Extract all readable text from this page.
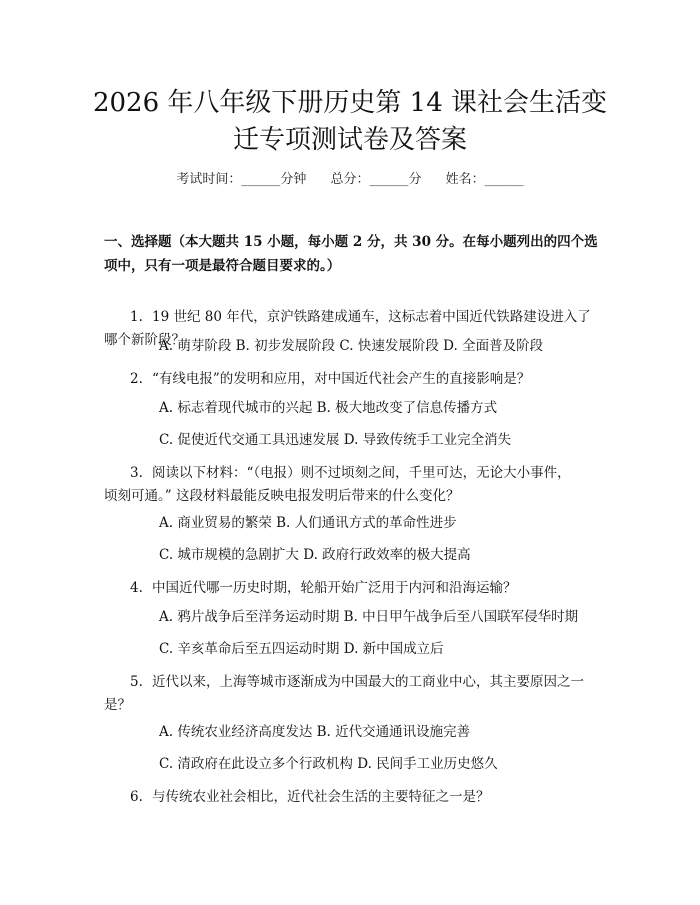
2026 年八年级下册历史第 14 课社会生活变
迁专项测试卷及答案
考试时间：______分钟 总分：______分 姓名：______
一、选择题（本大题共 15 小题，每小题 2 分，共 30 分。在每小题列出的四个选
项中，只有一项是最符合题目要求的。）
1. 19 世纪 80 年代，京沪铁路建成通车，这标志着中国近代铁路建设进入了
哪个新阶段？
A. 萌芽阶段 B. 初步发展阶段 C. 快速发展阶段 D. 全面普及阶段
2. “有线电报”的发明和应用，对中国近代社会产生的直接影响是？
A. 标志着现代城市的兴起 B. 极大地改变了信息传播方式
C. 促使近代交通工具迅速发展 D. 导致传统手工业完全消失
3. 阅读以下材料：“（电报）则不过顷刻之间，千里可达，无论大小事件，
顷刻可通。” 这段材料最能反映电报发明后带来的什么变化？
A. 商业贸易的繁荣 B. 人们通讯方式的革命性进步
C. 城市规模的急剧扩大 D. 政府行政效率的极大提高
4. 中国近代哪一历史时期，轮船开始广泛用于内河和沿海运输？
A. 鸦片战争后至洋务运动时期 B. 中日甲午战争后至八国联军侵华时期
C. 辛亥革命后至五四运动时期 D. 新中国成立后
5. 近代以来，上海等城市逐渐成为中国最大的工商业中心，其主要原因之一
是？
A. 传统农业经济高度发达 B. 近代交通通讯设施完善
C. 清政府在此设立多个行政机构 D. 民间手工业历史悠久
6. 与传统农业社会相比，近代社会生活的主要特征之一是？
